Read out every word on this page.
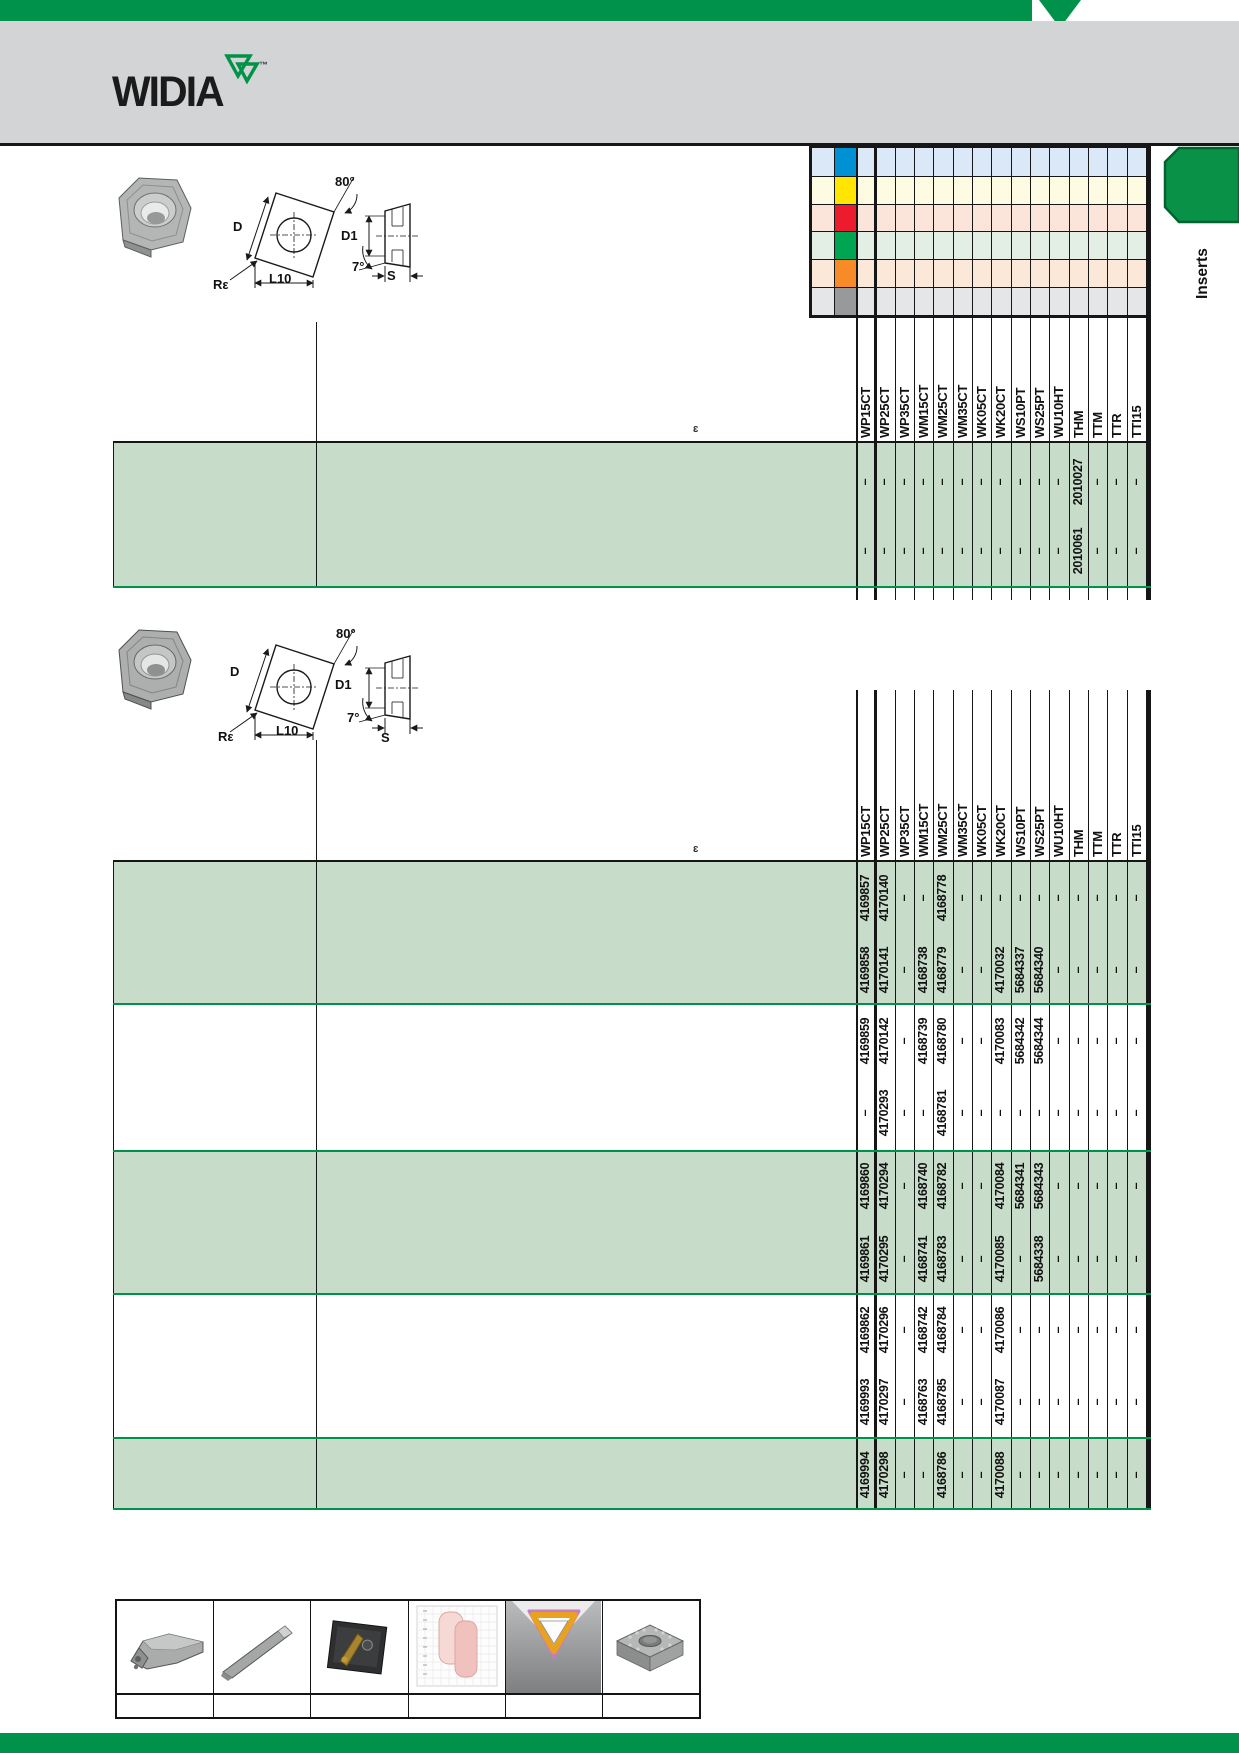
WIDIA
™
Inserts
80°
D
D1
7°
Rε	L10	S
80°
D
D1
7°
Rε	L10	S
ɛ
ɛ
WP15CT
WP15CT
WP25CT
WP25CT
WP35CT
WP35CT
WM15CT
WM15CT
WM25CT
WM25CT
WM35CT
WM35CT
WK05CT
WK05CT
WK20CT
WK20CT
WS10PT
WS10PT
WS25PT
WS25PT
WU10HT
WU10HT
THM
THM
TTM
TTM
TTR
TTR
TTI15
TTI15
– – – – – – – – – – – 2010027 – – –
– – – – – – – – – – – 2010061 – – –
4169857 4170140 – – 4168778 – – – – – – – – – –
4169858 4170141 – 4168738 4168779 – – 4170032 5684337 5684340 – – – – –
4169859 4170142 – 4168739 4168780 – – 4170083 5684342 5684344 – – – – –
– 4170293 – – 4168781 – – – – – – – – – –
4169860 4170294 – 4168740 4168782 – – 4170084 5684341 5684343 – – – – –
4169861 4170295 – 4168741 4168783 – – 4170085 – 5684338 – – – – –
4169862 4170296 – 4168742 4168784 – – 4170086 – – – – – – –
4169993 4170297 – 4168763 4168785 – – 4170087 – – – – – – –
4169994 4170298 – – 4168786 – – 4170088 – – – – – – –
